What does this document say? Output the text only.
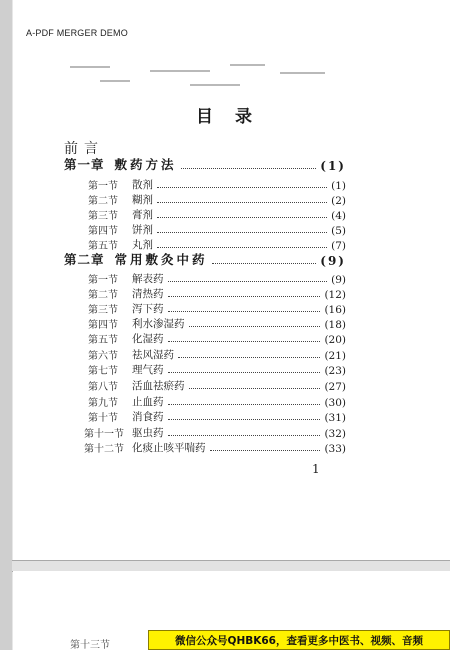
A-PDF MERGER DEMO
目录
前言
第一章 敷药方法	(1)
第一节 散剂	(1)
第二节 糊剂	(2)
第三节 膏剂	(4)
第四节 饼剂	(5)
第五节 丸剂	(7)
第二章 常用敷灸中药	(9)
第一节 解表药	(9)
第二节 清热药	(12)
第三节 泻下药	(16)
第四节 利水渗湿药	(18)
第五节 化湿药	(20)
第六节 祛风湿药	(21)
第七节 理气药	(23)
第八节 活血祛瘀药	(27)
第九节 止血药	(30)
第十节 消食药	(31)
第十一节 驱虫药	(32)
第十二节 化痰止咳平喘药	(33)
1
第十三节	微信公众号QHBK66，查看更多中医书、视频、音频
